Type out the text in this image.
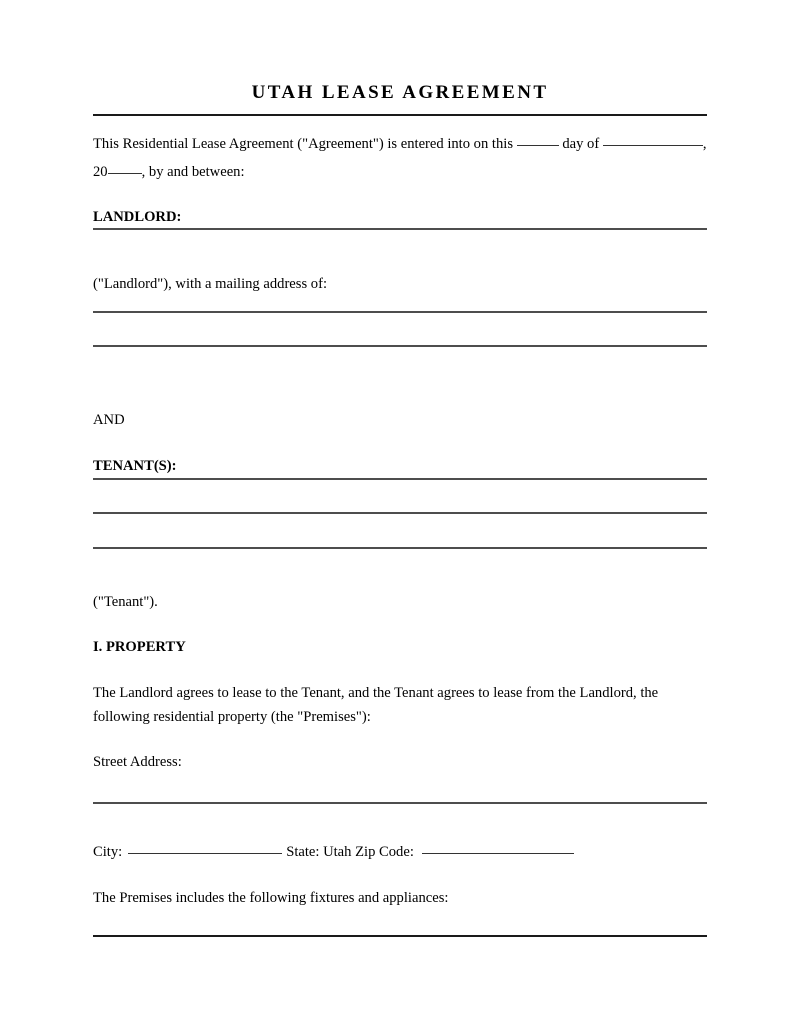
UTAH LEASE AGREEMENT
This Residential Lease Agreement ("Agreement") is entered into on this	day of	,
20 , by and between:
LANDLORD:
("Landlord"), with a mailing address of:
AND
TENANT(S):
("Tenant").
I. PROPERTY
The Landlord agrees to lease to the Tenant, and the Tenant agrees to lease from the Landlord, the
following residential property (the "Premises"):
Street Address:
City:	State: Utah Zip Code:
The Premises includes the following fixtures and appliances:
